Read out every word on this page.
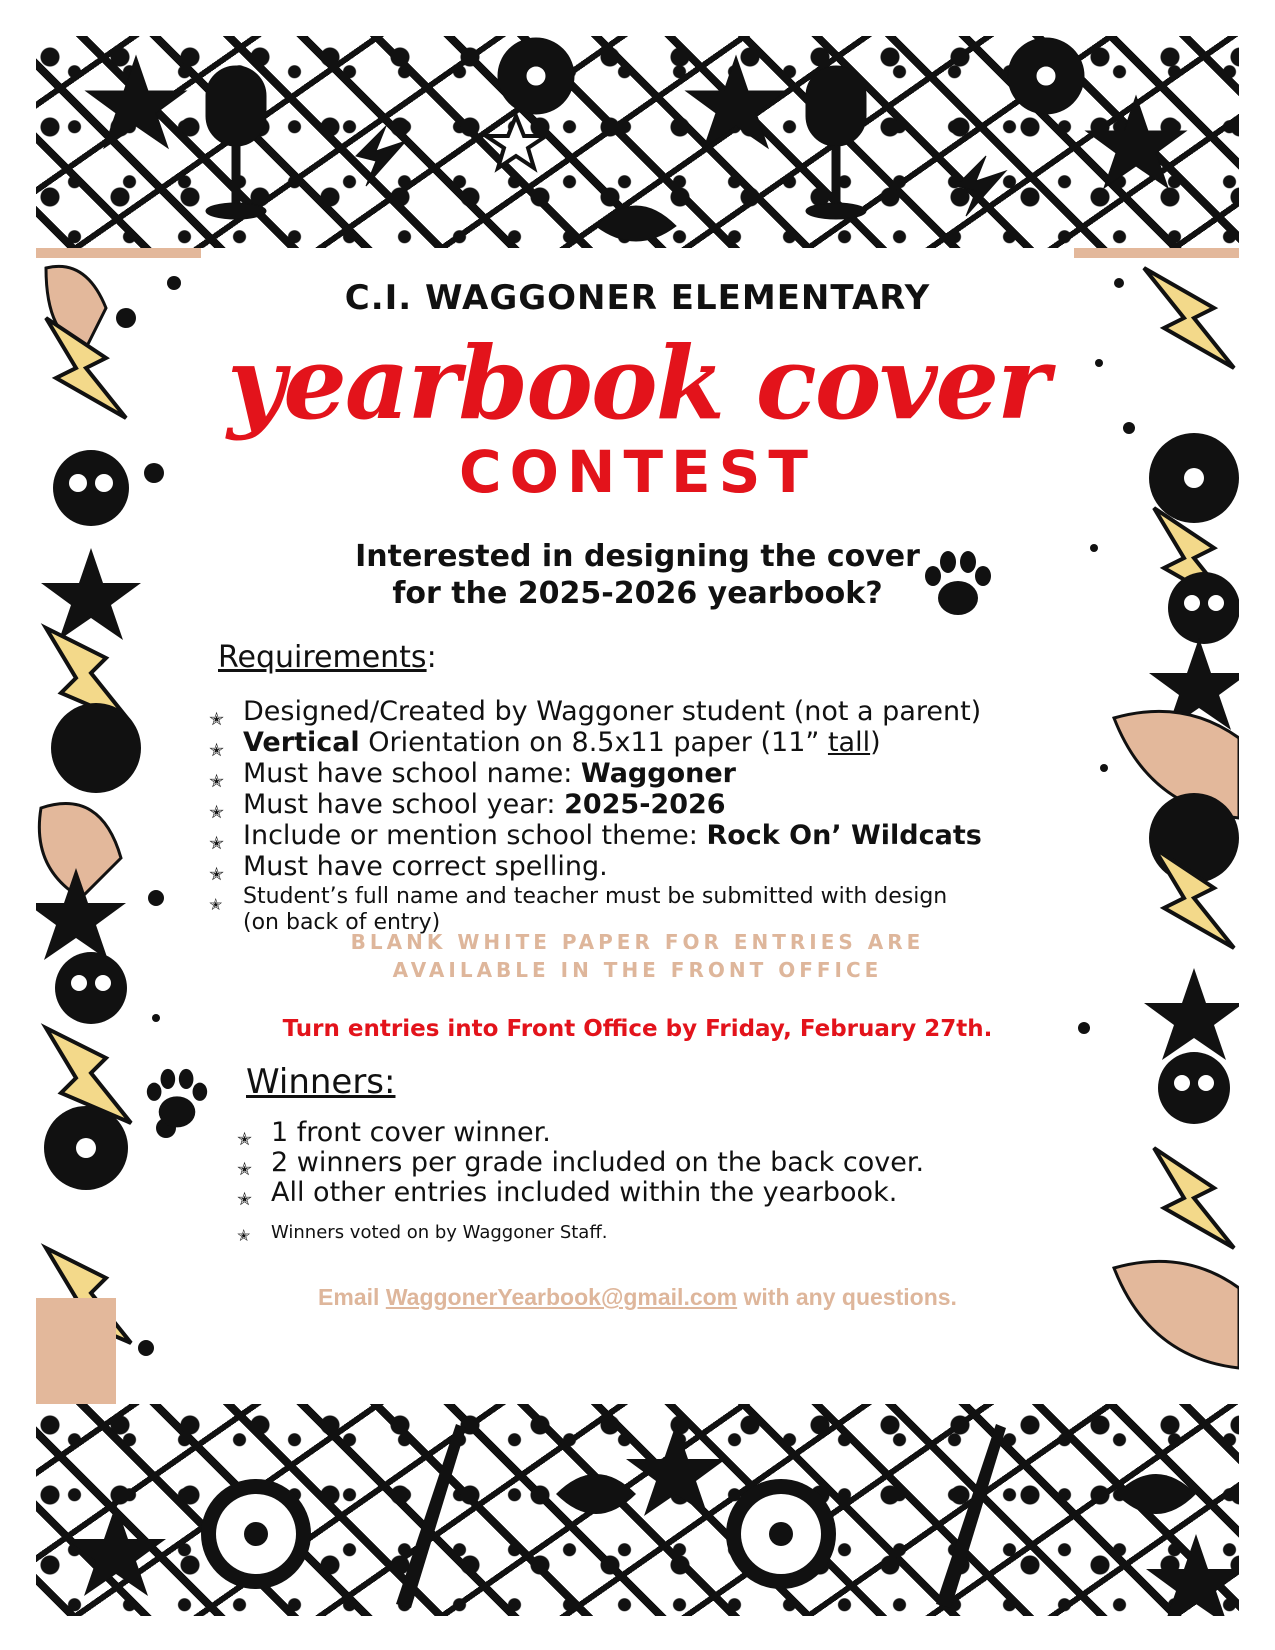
C.I. WAGGONER ELEMENTARY
yearbook cover
CONTEST
Interested in designing the cover
for the 2025-2026 yearbook?
Requirements:
✭ Designed/Created by Waggoner student (not a parent)
✭ Vertical Orientation on 8.5x11 paper (11” tall)
✭ Must have school name: Waggoner
✭ Must have school year: 2025-2026
✭ Include or mention school theme: Rock On’ Wildcats
✭ Must have correct spelling.
✭ Student’s full name and teacher must be submitted with design
(on back of entry)
BLANK WHITE PAPER FOR ENTRIES ARE
AVAILABLE IN THE FRONT OFFICE
Turn entries into Front Office by Friday, February 27th.
Winners:
✭ 1 front cover winner.
✭ 2 winners per grade included on the back cover.
✭ All other entries included within the yearbook.
✭ Winners voted on by Waggoner Staff.
Email WaggonerYearbook@gmail.com with any questions.
